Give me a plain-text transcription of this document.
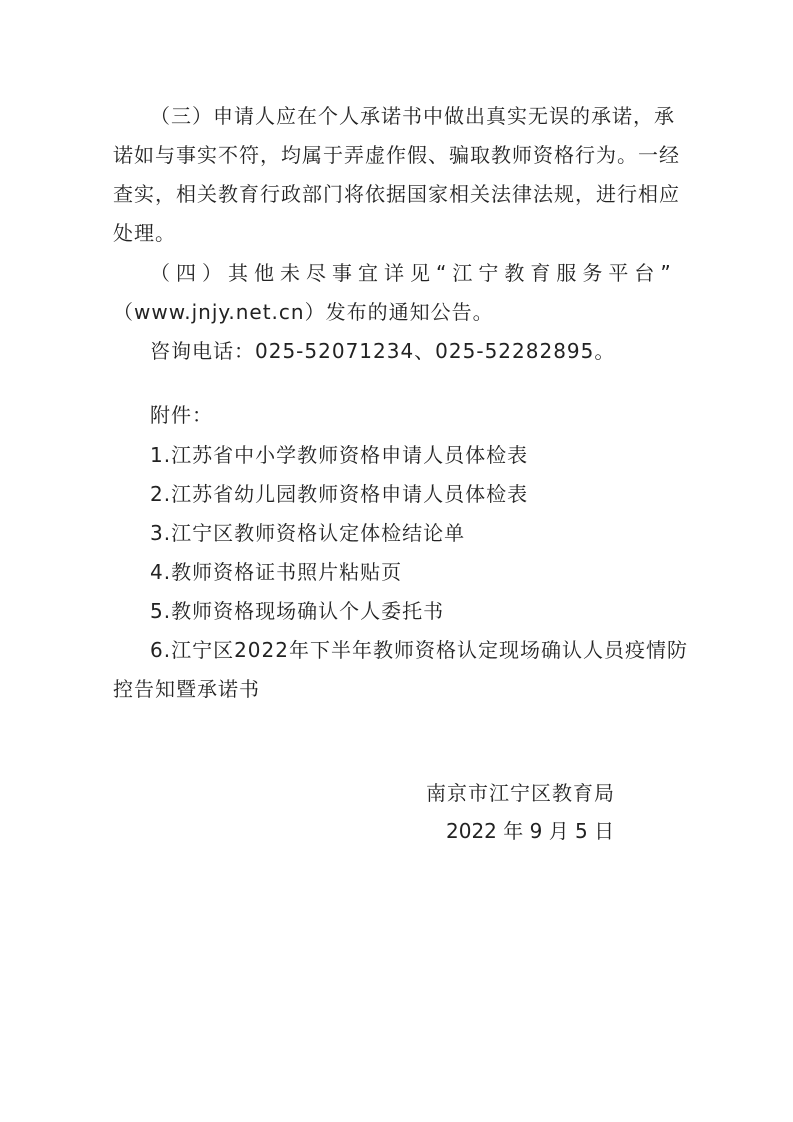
（三）申请人应在个人承诺书中做出真实无误的承诺，承
诺如与事实不符，均属于弄虚作假、骗取教师资格行为。一经
查实，相关教育行政部门将依据国家相关法律法规，进行相应
处理。
（四）其他未尽事宜详见“江宁教育服务平台”
（www.jnjy.net.cn）发布的通知公告。
咨询电话：025-52071234、025-52282895。
附件：
1.江苏省中小学教师资格申请人员体检表
2.江苏省幼儿园教师资格申请人员体检表
3.江宁区教师资格认定体检结论单
4.教师资格证书照片粘贴页
5.教师资格现场确认个人委托书
6.江宁区2022年下半年教师资格认定现场确认人员疫情防
控告知暨承诺书
南京市江宁区教育局
2022 年 9 月 5 日
